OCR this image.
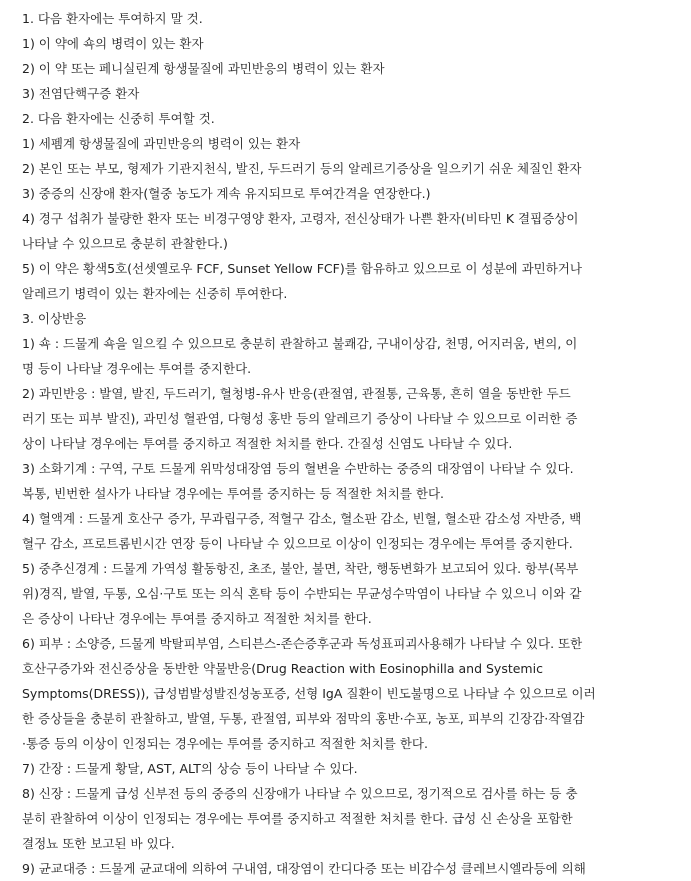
1. 다음 환자에는 투여하지 말 것.
1) 이 약에 쇽의 병력이 있는 환자
2) 이 약 또는 페니실린계 항생물질에 과민반응의 병력이 있는 환자
3) 전염단핵구증 환자
2. 다음 환자에는 신중히 투여할 것.
1) 세펨계 항생물질에 과민반응의 병력이 있는 환자
2) 본인 또는 부모, 형제가 기관지천식, 발진, 두드러기 등의 알레르기증상을 일으키기 쉬운 체질인 환자
3) 중증의 신장애 환자(혈중 농도가 계속 유지되므로 투여간격을 연장한다.)
4) 경구 섭취가 불량한 환자 또는 비경구영양 환자, 고령자, 전신상태가 나쁜 환자(비타민 K 결핍증상이
나타날 수 있으므로 충분히 관찰한다.)
5) 이 약은 황색5호(선셋옐로우 FCF, Sunset Yellow FCF)를 함유하고 있으므로 이 성분에 과민하거나
알레르기 병력이 있는 환자에는 신중히 투여한다.
3. 이상반응
1) 쇽 : 드물게 쇽을 일으킬 수 있으므로 충분히 관찰하고 불쾌감, 구내이상감, 천명, 어지러움, 변의, 이
명 등이 나타날 경우에는 투여를 중지한다.
2) 과민반응 : 발열, 발진, 두드러기, 혈청병-유사 반응(관절염, 관절통, 근육통, 흔히 열을 동반한 두드
러기 또는 피부 발진), 과민성 혈관염, 다형성 홍반 등의 알레르기 증상이 나타날 수 있으므로 이러한 증
상이 나타날 경우에는 투여를 중지하고 적절한 처치를 한다. 간질성 신염도 나타날 수 있다.
3) 소화기계 : 구역, 구토 드물게 위막성대장염 등의 혈변을 수반하는 중증의 대장염이 나타날 수 있다.
복통, 빈번한 설사가 나타날 경우에는 투여를 중지하는 등 적절한 처치를 한다.
4) 혈액계 : 드물게 호산구 증가, 무과립구증, 적혈구 감소, 혈소판 감소, 빈혈, 혈소판 감소성 자반증, 백
혈구 감소, 프로트롬빈시간 연장 등이 나타날 수 있으므로 이상이 인정되는 경우에는 투여를 중지한다.
5) 중추신경계 : 드물게 가역성 활동항진, 초조, 불안, 불면, 착란, 행동변화가 보고되어 있다. 항부(목부
위)경직, 발열, 두통, 오심·구토 또는 의식 혼탁 등이 수반되는 무균성수막염이 나타날 수 있으니 이와 같
은 증상이 나타난 경우에는 투여를 중지하고 적절한 처치를 한다.
6) 피부 : 소양증, 드물게 박탈피부염, 스티븐스-존슨증후군과 독성표피괴사용해가 나타날 수 있다. 또한
호산구증가와 전신증상을 동반한 약물반응(Drug Reaction with Eosinophilla and Systemic
Symptoms(DRESS)), 급성범발성발진성농포증, 선형 IgA 질환이 빈도불명으로 나타날 수 있으므로 이러
한 증상들을 충분히 관찰하고, 발열, 두통, 관절염, 피부와 점막의 홍반·수포, 농포, 피부의 긴장감·작열감
·통증 등의 이상이 인정되는 경우에는 투여를 중지하고 적절한 처치를 한다.
7) 간장 : 드물게 황달, AST, ALT의 상승 등이 나타날 수 있다.
8) 신장 : 드물게 급성 신부전 등의 중증의 신장애가 나타날 수 있으므로, 정기적으로 검사를 하는 등 충
분히 관찰하여 이상이 인정되는 경우에는 투여를 중지하고 적절한 처치를 한다. 급성 신 손상을 포함한
결정뇨 또한 보고된 바 있다.
9) 균교대증 : 드물게 균교대에 의하여 구내염, 대장염이 칸디다증 또는 비감수성 클레브시엘라등에 의해
